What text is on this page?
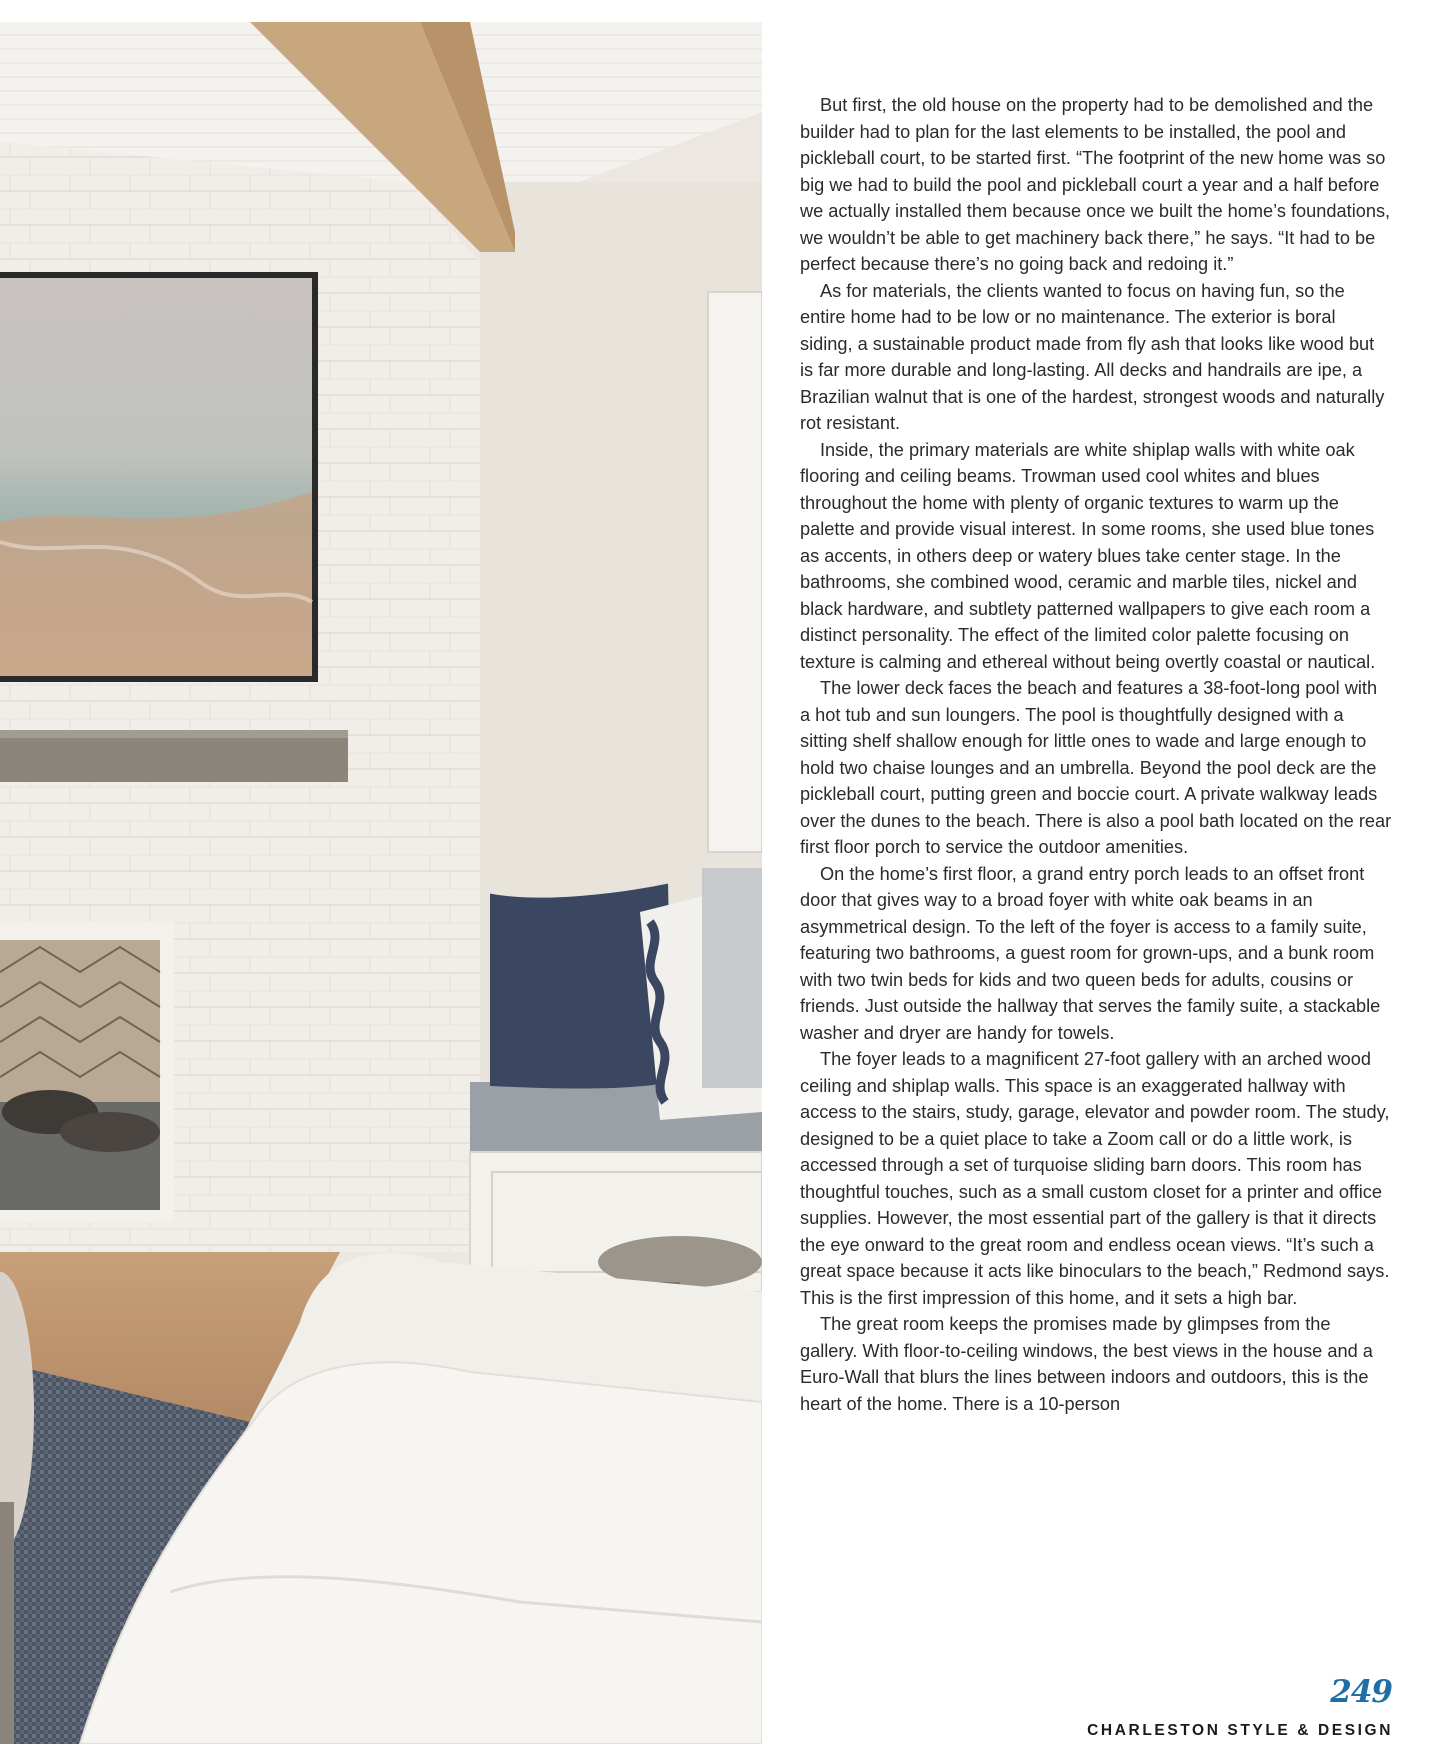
But first, the old house on the property had to be demolished and the builder had to plan for the last elements to be installed, the pool and pickleball court, to be started first. “The footprint of the new home was so big we had to build the pool and pickleball court a year and a half before we actually installed them because once we built the home’s foundations, we wouldn’t be able to get machinery back there,” he says. “It had to be perfect because there’s no going back and redoing it.”

As for materials, the clients wanted to focus on having fun, so the entire home had to be low or no maintenance. The exterior is boral siding, a sustainable product made from fly ash that looks like wood but is far more durable and long-lasting. All decks and handrails are ipe, a Brazilian walnut that is one of the hardest, strongest woods and naturally rot resistant.

Inside, the primary materials are white shiplap walls with white oak flooring and ceiling beams. Trowman used cool whites and blues throughout the home with plenty of organic textures to warm up the palette and provide visual interest. In some rooms, she used blue tones as accents, in others deep or watery blues take center stage. In the bathrooms, she combined wood, ceramic and marble tiles, nickel and black hardware, and subtlety patterned wallpapers to give each room a distinct personality. The effect of the limited color palette focusing on texture is calming and ethereal without being overtly coastal or nautical.

The lower deck faces the beach and features a 38-foot-long pool with a hot tub and sun loungers. The pool is thoughtfully designed with a sitting shelf shallow enough for little ones to wade and large enough to hold two chaise lounges and an umbrella. Beyond the pool deck are the pickleball court, putting green and boccie court. A private walkway leads over the dunes to the beach. There is also a pool bath located on the rear first floor porch to service the outdoor amenities.

On the home’s first floor, a grand entry porch leads to an offset front door that gives way to a broad foyer with white oak beams in an asymmetrical design. To the left of the foyer is access to a family suite, featuring two bathrooms, a guest room for grown-ups, and a bunk room with two twin beds for kids and two queen beds for adults, cousins or friends. Just outside the hallway that serves the family suite, a stackable washer and dryer are handy for towels.

The foyer leads to a magnificent 27-foot gallery with an arched wood ceiling and shiplap walls. This space is an exaggerated hallway with access to the stairs, study, garage, elevator and powder room. The study, designed to be a quiet place to take a Zoom call or do a little work, is accessed through a set of turquoise sliding barn doors. This room has thoughtful touches, such as a small custom closet for a printer and office supplies. However, the most essential part of the gallery is that it directs the eye onward to the great room and endless ocean views. “It’s such a great space because it acts like binoculars to the beach,” Redmond says. This is the first impression of this home, and it sets a high bar.

The great room keeps the promises made by glimpses from the gallery. With floor-to-ceiling windows, the best views in the house and a Euro-Wall that blurs the lines between indoors and outdoors, this is the heart of the home. There is a 10-person

249
CHARLESTON STYLE & DESIGN
